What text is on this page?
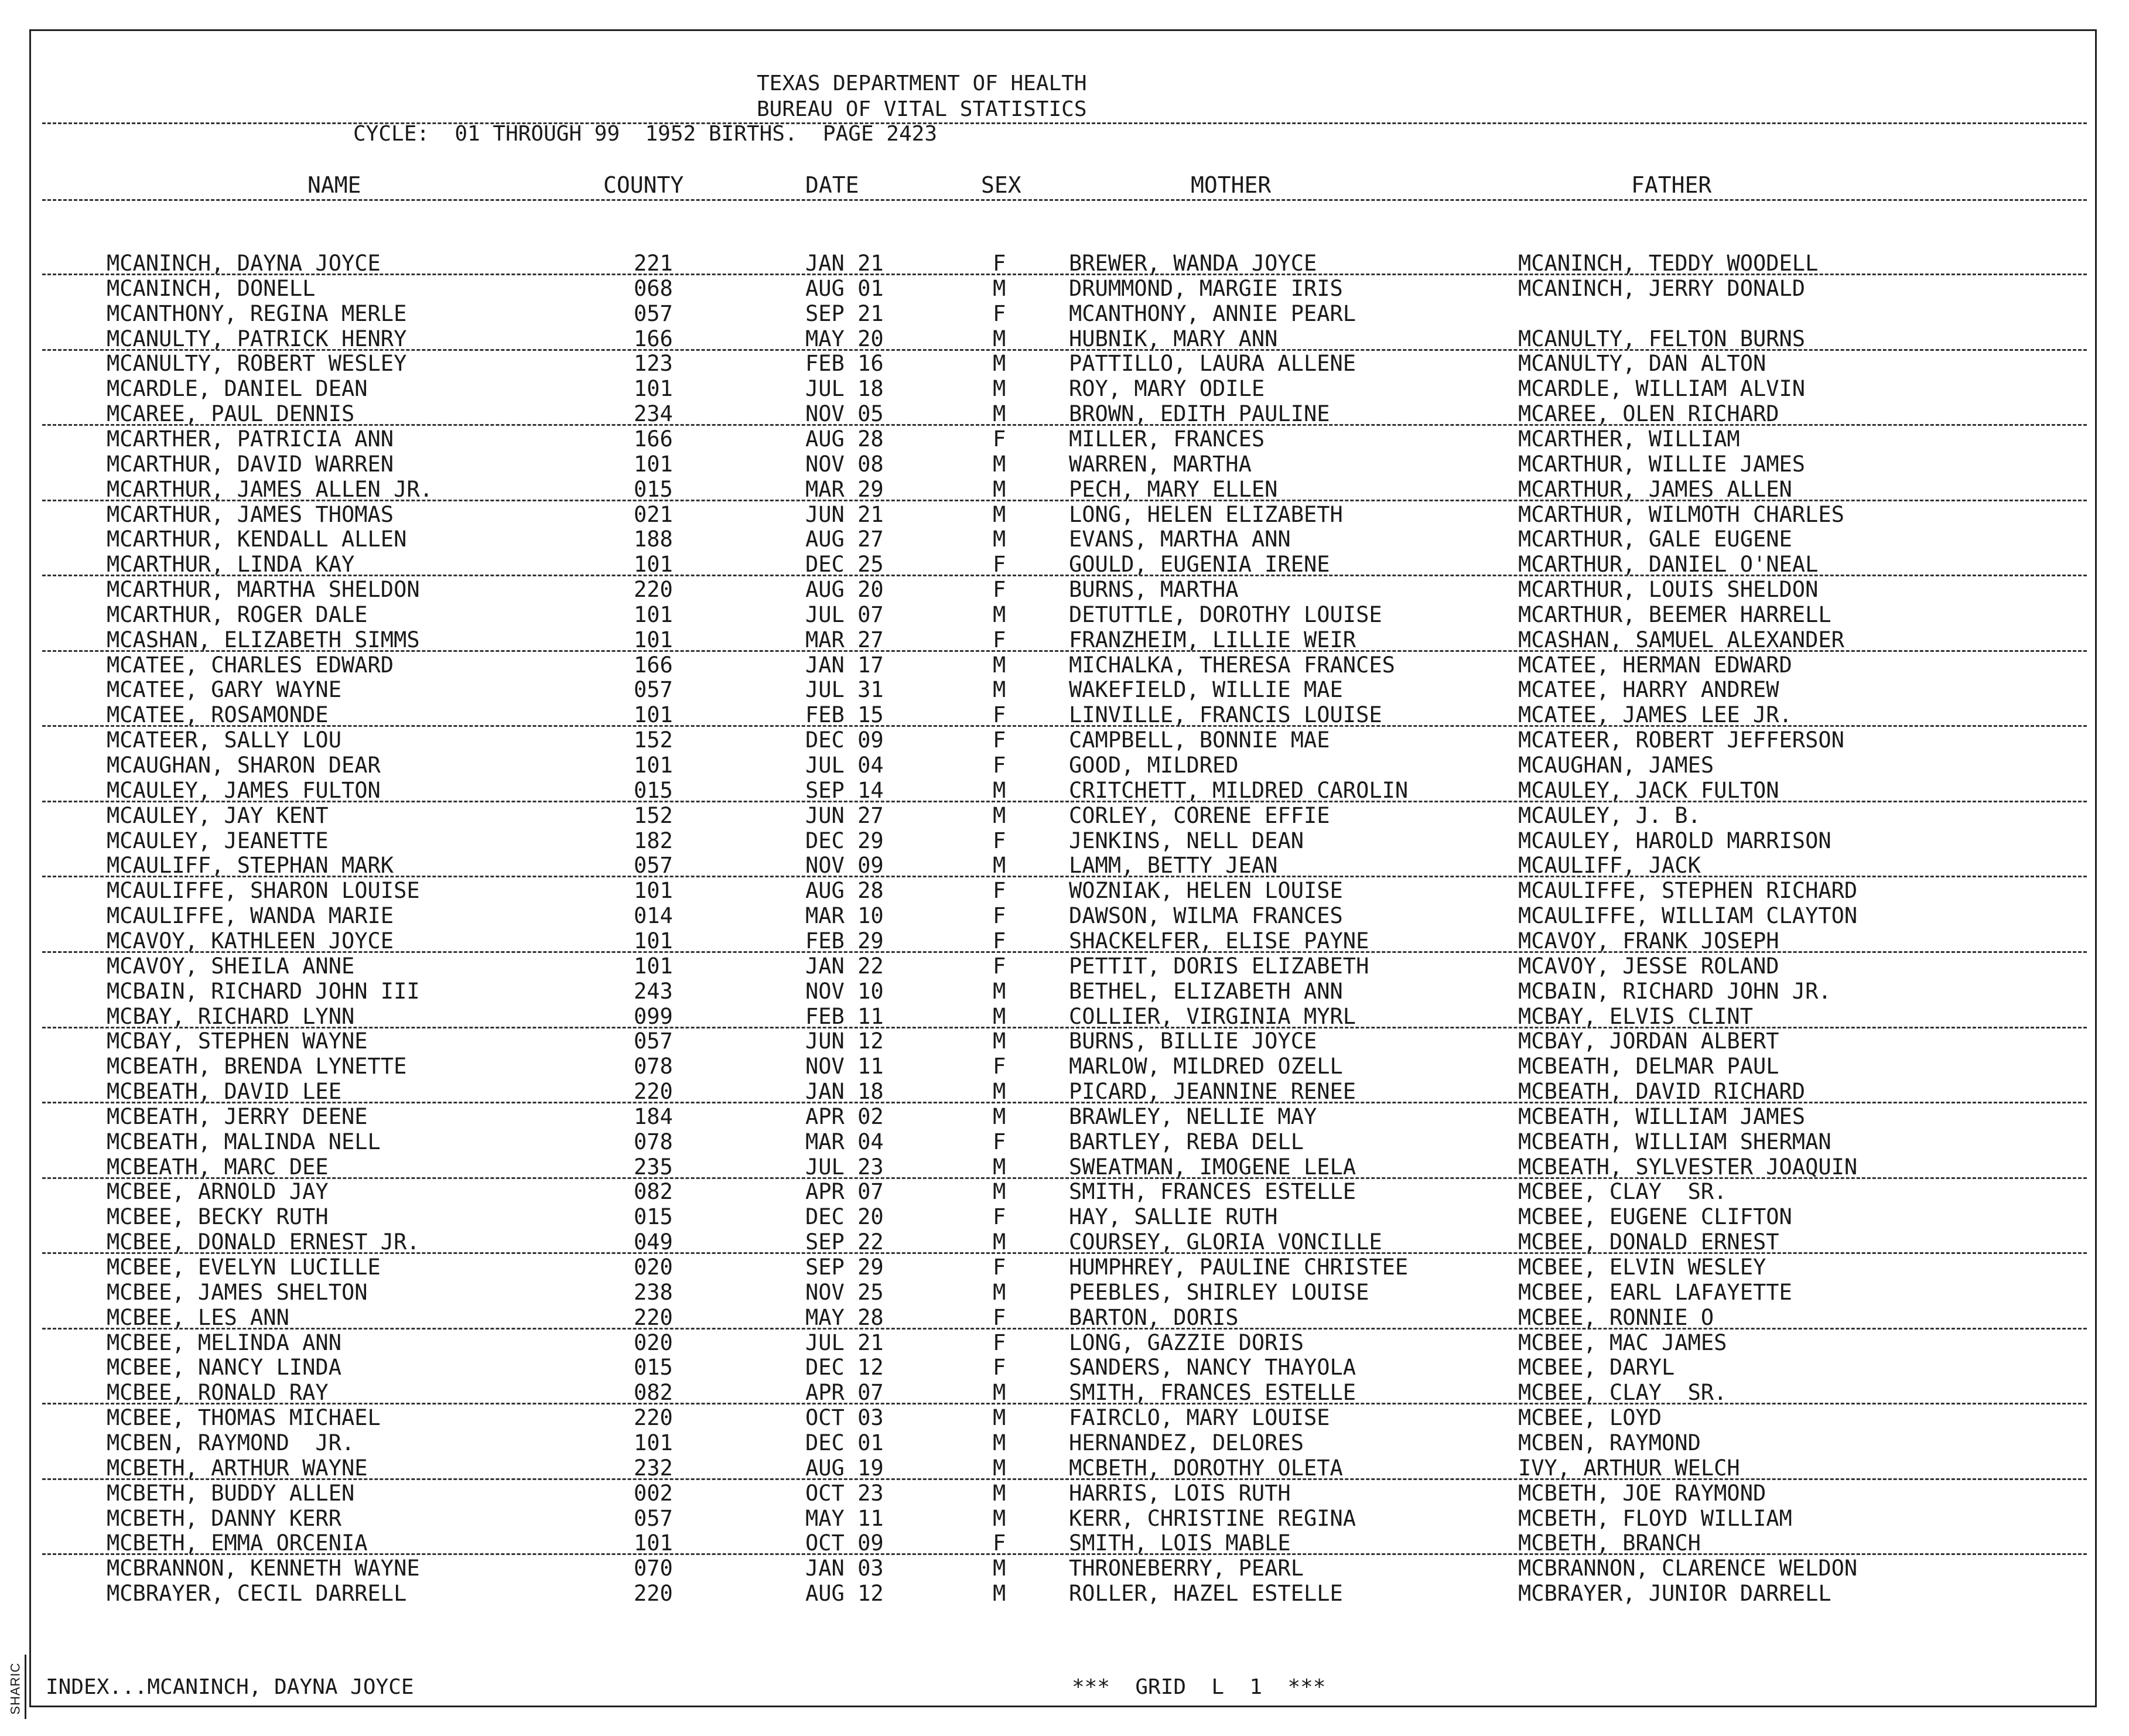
TEXAS DEPARTMENT OF HEALTH
BUREAU OF VITAL STATISTICS
CYCLE:  01 THROUGH 99  1952 BIRTHS.  PAGE 2423
NAME	COUNTY	DATE	SEX	MOTHER	FATHER
MCANINCH, DAYNA JOYCE	221	JAN 21	F	BREWER, WANDA JOYCE	MCANINCH, TEDDY WOODELL
MCANINCH, DONELL	068	AUG 01	M	DRUMMOND, MARGIE IRIS	MCANINCH, JERRY DONALD
MCANTHONY, REGINA MERLE	057	SEP 21	F	MCANTHONY, ANNIE PEARL
MCANULTY, PATRICK HENRY	166	MAY 20	M	HUBNIK, MARY ANN	MCANULTY, FELTON BURNS
MCANULTY, ROBERT WESLEY	123	FEB 16	M	PATTILLO, LAURA ALLENE	MCANULTY, DAN ALTON
MCARDLE, DANIEL DEAN	101	JUL 18	M	ROY, MARY ODILE	MCARDLE, WILLIAM ALVIN
MCAREE, PAUL DENNIS	234	NOV 05	M	BROWN, EDITH PAULINE	MCAREE, OLEN RICHARD
MCARTHER, PATRICIA ANN	166	AUG 28	F	MILLER, FRANCES	MCARTHER, WILLIAM
MCARTHUR, DAVID WARREN	101	NOV 08	M	WARREN, MARTHA	MCARTHUR, WILLIE JAMES
MCARTHUR, JAMES ALLEN JR.	015	MAR 29	M	PECH, MARY ELLEN	MCARTHUR, JAMES ALLEN
MCARTHUR, JAMES THOMAS	021	JUN 21	M	LONG, HELEN ELIZABETH	MCARTHUR, WILMOTH CHARLES
MCARTHUR, KENDALL ALLEN	188	AUG 27	M	EVANS, MARTHA ANN	MCARTHUR, GALE EUGENE
MCARTHUR, LINDA KAY	101	DEC 25	F	GOULD, EUGENIA IRENE	MCARTHUR, DANIEL O'NEAL
MCARTHUR, MARTHA SHELDON	220	AUG 20	F	BURNS, MARTHA	MCARTHUR, LOUIS SHELDON
MCARTHUR, ROGER DALE	101	JUL 07	M	DETUTTLE, DOROTHY LOUISE	MCARTHUR, BEEMER HARRELL
MCASHAN, ELIZABETH SIMMS	101	MAR 27	F	FRANZHEIM, LILLIE WEIR	MCASHAN, SAMUEL ALEXANDER
MCATEE, CHARLES EDWARD	166	JAN 17	M	MICHALKA, THERESA FRANCES	MCATEE, HERMAN EDWARD
MCATEE, GARY WAYNE	057	JUL 31	M	WAKEFIELD, WILLIE MAE	MCATEE, HARRY ANDREW
MCATEE, ROSAMONDE	101	FEB 15	F	LINVILLE, FRANCIS LOUISE	MCATEE, JAMES LEE JR.
MCATEER, SALLY LOU	152	DEC 09	F	CAMPBELL, BONNIE MAE	MCATEER, ROBERT JEFFERSON
MCAUGHAN, SHARON DEAR	101	JUL 04	F	GOOD, MILDRED	MCAUGHAN, JAMES
MCAULEY, JAMES FULTON	015	SEP 14	M	CRITCHETT, MILDRED CAROLIN	MCAULEY, JACK FULTON
MCAULEY, JAY KENT	152	JUN 27	M	CORLEY, CORENE EFFIE	MCAULEY, J. B.
MCAULEY, JEANETTE	182	DEC 29	F	JENKINS, NELL DEAN	MCAULEY, HAROLD MARRISON
MCAULIFF, STEPHAN MARK	057	NOV 09	M	LAMM, BETTY JEAN	MCAULIFF, JACK
MCAULIFFE, SHARON LOUISE	101	AUG 28	F	WOZNIAK, HELEN LOUISE	MCAULIFFE, STEPHEN RICHARD
MCAULIFFE, WANDA MARIE	014	MAR 10	F	DAWSON, WILMA FRANCES	MCAULIFFE, WILLIAM CLAYTON
MCAVOY, KATHLEEN JOYCE	101	FEB 29	F	SHACKELFER, ELISE PAYNE	MCAVOY, FRANK JOSEPH
MCAVOY, SHEILA ANNE	101	JAN 22	F	PETTIT, DORIS ELIZABETH	MCAVOY, JESSE ROLAND
MCBAIN, RICHARD JOHN III	243	NOV 10	M	BETHEL, ELIZABETH ANN	MCBAIN, RICHARD JOHN JR.
MCBAY, RICHARD LYNN	099	FEB 11	M	COLLIER, VIRGINIA MYRL	MCBAY, ELVIS CLINT
MCBAY, STEPHEN WAYNE	057	JUN 12	M	BURNS, BILLIE JOYCE	MCBAY, JORDAN ALBERT
MCBEATH, BRENDA LYNETTE	078	NOV 11	F	MARLOW, MILDRED OZELL	MCBEATH, DELMAR PAUL
MCBEATH, DAVID LEE	220	JAN 18	M	PICARD, JEANNINE RENEE	MCBEATH, DAVID RICHARD
MCBEATH, JERRY DEENE	184	APR 02	M	BRAWLEY, NELLIE MAY	MCBEATH, WILLIAM JAMES
MCBEATH, MALINDA NELL	078	MAR 04	F	BARTLEY, REBA DELL	MCBEATH, WILLIAM SHERMAN
MCBEATH, MARC DEE	235	JUL 23	M	SWEATMAN, IMOGENE LELA	MCBEATH, SYLVESTER JOAQUIN
MCBEE, ARNOLD JAY	082	APR 07	M	SMITH, FRANCES ESTELLE	MCBEE, CLAY  SR.
MCBEE, BECKY RUTH	015	DEC 20	F	HAY, SALLIE RUTH	MCBEE, EUGENE CLIFTON
MCBEE, DONALD ERNEST JR.	049	SEP 22	M	COURSEY, GLORIA VONCILLE	MCBEE, DONALD ERNEST
MCBEE, EVELYN LUCILLE	020	SEP 29	F	HUMPHREY, PAULINE CHRISTEE	MCBEE, ELVIN WESLEY
MCBEE, JAMES SHELTON	238	NOV 25	M	PEEBLES, SHIRLEY LOUISE	MCBEE, EARL LAFAYETTE
MCBEE, LES ANN	220	MAY 28	F	BARTON, DORIS	MCBEE, RONNIE O
MCBEE, MELINDA ANN	020	JUL 21	F	LONG, GAZZIE DORIS	MCBEE, MAC JAMES
MCBEE, NANCY LINDA	015	DEC 12	F	SANDERS, NANCY THAYOLA	MCBEE, DARYL
MCBEE, RONALD RAY	082	APR 07	M	SMITH, FRANCES ESTELLE	MCBEE, CLAY  SR.
MCBEE, THOMAS MICHAEL	220	OCT 03	M	FAIRCLO, MARY LOUISE	MCBEE, LOYD
MCBEN, RAYMOND  JR.	101	DEC 01	M	HERNANDEZ, DELORES	MCBEN, RAYMOND
MCBETH, ARTHUR WAYNE	232	AUG 19	M	MCBETH, DOROTHY OLETA	IVY, ARTHUR WELCH
MCBETH, BUDDY ALLEN	002	OCT 23	M	HARRIS, LOIS RUTH	MCBETH, JOE RAYMOND
MCBETH, DANNY KERR	057	MAY 11	M	KERR, CHRISTINE REGINA	MCBETH, FLOYD WILLIAM
MCBETH, EMMA ORCENIA	101	OCT 09	F	SMITH, LOIS MABLE	MCBETH, BRANCH
MCBRANNON, KENNETH WAYNE	070	JAN 03	M	THRONEBERRY, PEARL	MCBRANNON, CLARENCE WELDON
MCBRAYER, CECIL DARRELL	220	AUG 12	M	ROLLER, HAZEL ESTELLE	MCBRAYER, JUNIOR DARRELL
INDEX...MCANINCH, DAYNA JOYCE	***  GRID  L  1  ***
SHARIC
